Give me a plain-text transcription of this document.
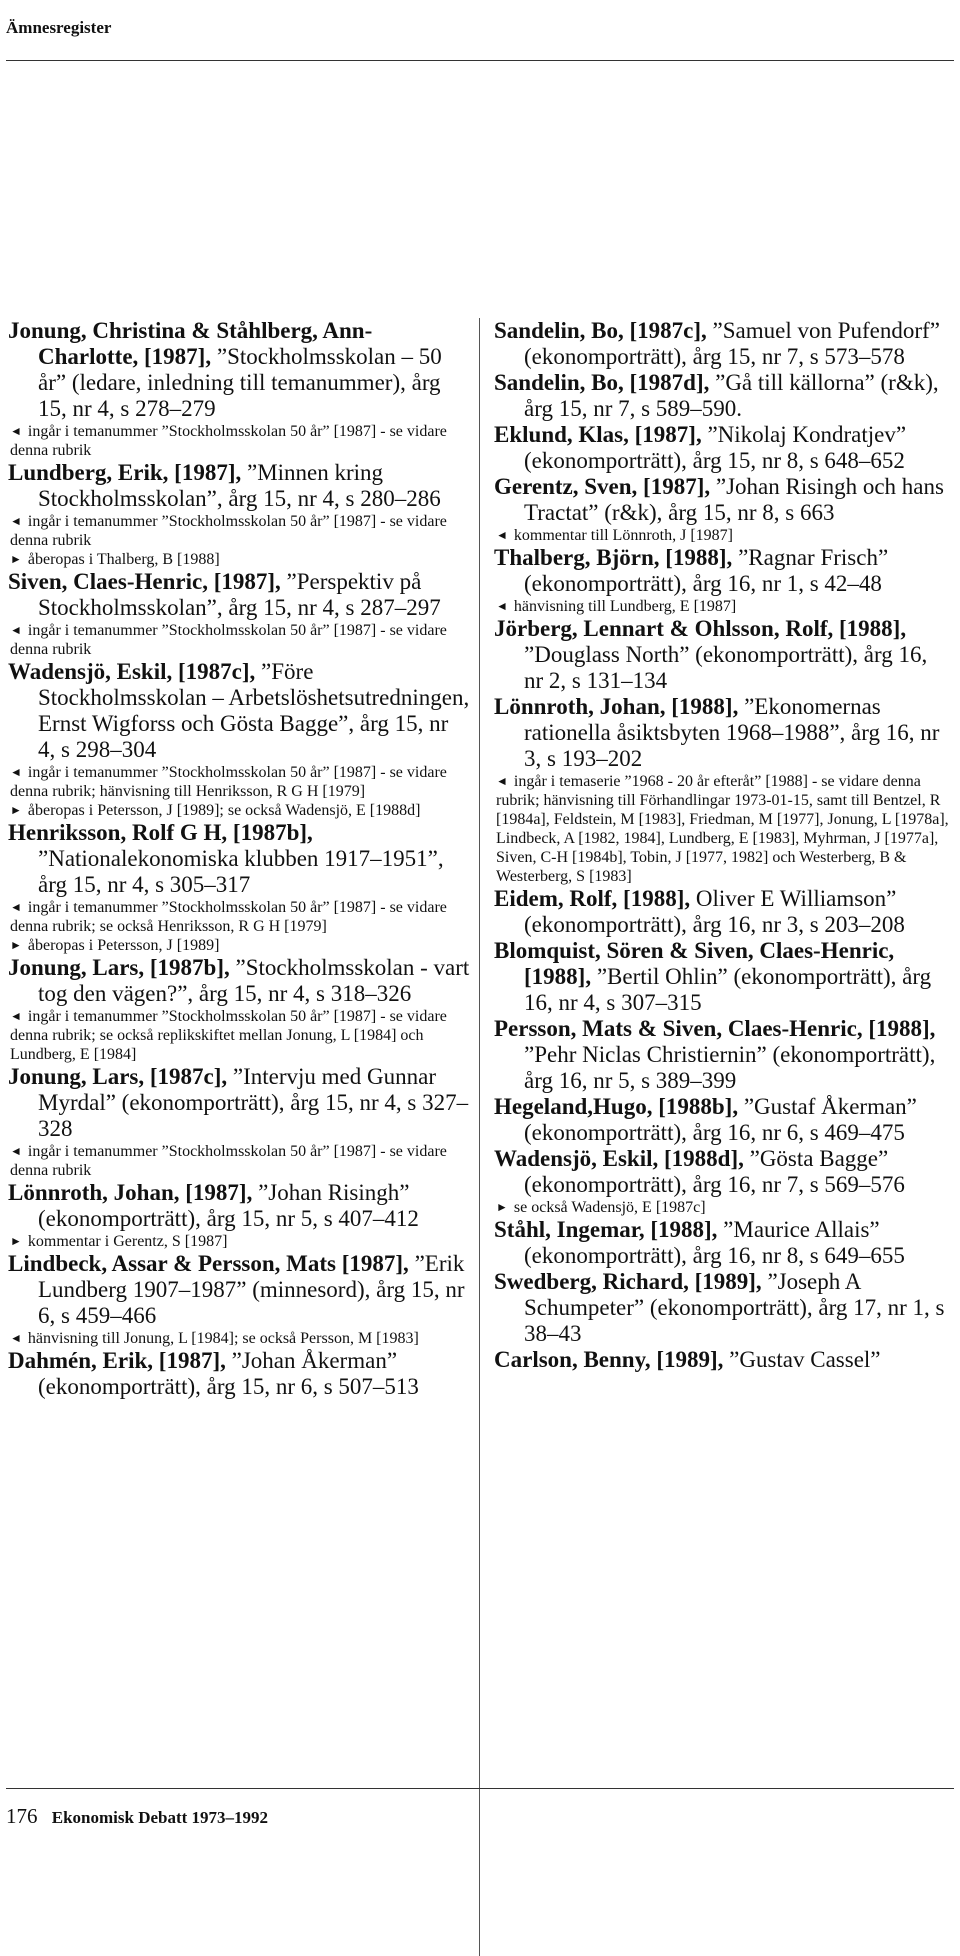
Ämnesregister
Jonung, Christina & Ståhlberg, Ann-Charlotte, [1987], ”Stockholmsskolan – 50 år” (ledare, inledning till temanummer), årg 15, nr 4, s 278–279
◄ ingår i temanummer ”Stockholmsskolan 50 år” [1987] - se vidare denna rubrik
Lundberg, Erik, [1987], ”Minnen kring Stockholmsskolan”, årg 15, nr 4, s 280–286
◄ ingår i temanummer ”Stockholmsskolan 50 år” [1987] - se vidare denna rubrik
► åberopas i Thalberg, B [1988]
Siven, Claes-Henric, [1987], ”Perspektiv på Stockholmsskolan”, årg 15, nr 4, s 287–297
◄ ingår i temanummer ”Stockholmsskolan 50 år” [1987] - se vidare denna rubrik
Wadensjö, Eskil, [1987c], ”Före Stockholmsskolan – Arbetslöshetsutredningen, Ernst Wigforss och Gösta Bagge”, årg 15, nr 4, s 298–304
◄ ingår i temanummer ”Stockholmsskolan 50 år” [1987] - se vidare denna rubrik; hänvisning till Henriksson, R G H [1979]
► åberopas i Petersson, J [1989]; se också Wadensjö, E [1988d]
Henriksson, Rolf G H, [1987b], ”Nationalekonomiska klubben 1917–1951”, årg 15, nr 4, s 305–317
◄ ingår i temanummer ”Stockholmsskolan 50 år” [1987] - se vidare denna rubrik; se också Henriksson, R G H [1979]
► åberopas i Petersson, J [1989]
Jonung, Lars, [1987b], ”Stockholmsskolan - vart tog den vägen?”, årg 15, nr 4, s 318–326
◄ ingår i temanummer ”Stockholmsskolan 50 år” [1987] - se vidare denna rubrik; se också replikskiftet mellan Jonung, L [1984] och Lundberg, E [1984]
Jonung, Lars, [1987c], ”Intervju med Gunnar Myrdal” (ekonomporträtt), årg 15, nr 4, s 327–328
◄ ingår i temanummer ”Stockholmsskolan 50 år” [1987] - se vidare denna rubrik
Lönnroth, Johan, [1987], ”Johan Risingh” (ekonomporträtt), årg 15, nr 5, s 407–412
► kommentar i Gerentz, S [1987]
Lindbeck, Assar & Persson, Mats [1987], ”Erik Lundberg 1907–1987” (minnesord), årg 15, nr 6, s 459–466
◄ hänvisning till Jonung, L [1984]; se också Persson, M [1983]
Dahmén, Erik, [1987], ”Johan Åkerman” (ekonomporträtt), årg 15, nr 6, s 507–513
Sandelin, Bo, [1987c], ”Samuel von Pufendorf” (ekonomporträtt), årg 15, nr 7, s 573–578
Sandelin, Bo, [1987d], ”Gå till källorna” (r&k), årg 15, nr 7, s 589–590.
Eklund, Klas, [1987], ”Nikolaj Kondratjev” (ekonomporträtt), årg 15, nr 8, s 648–652
Gerentz, Sven, [1987], ”Johan Risingh och hans Tractat” (r&k), årg 15, nr 8, s 663
◄ kommentar till Lönnroth, J [1987]
Thalberg, Björn, [1988], ”Ragnar Frisch” (ekonomporträtt), årg 16, nr 1, s 42–48
◄ hänvisning till Lundberg, E [1987]
Jörberg, Lennart & Ohlsson, Rolf, [1988], ”Douglass North” (ekonomporträtt), årg 16, nr 2, s 131–134
Lönnroth, Johan, [1988], ”Ekonomernas rationella åsiktsbyten 1968–1988”, årg 16, nr 3, s 193–202
◄ ingår i temaserie ”1968 - 20 år efteråt” [1988] - se vidare denna rubrik; hänvisning till Förhandlingar 1973-01-15, samt till Bentzel, R [1984a], Feldstein, M [1983], Friedman, M [1977], Jonung, L [1978a], Lindbeck, A [1982, 1984], Lundberg, E [1983], Myhrman, J [1977a], Siven, C-H [1984b], Tobin, J [1977, 1982] och Westerberg, B & Westerberg, S [1983]
Eidem, Rolf, [1988], Oliver E Williamson” (ekonomporträtt), årg 16, nr 3, s 203–208
Blomquist, Sören & Siven, Claes-Henric, [1988], ”Bertil Ohlin” (ekonomporträtt), årg 16, nr 4, s 307–315
Persson, Mats & Siven, Claes-Henric, [1988], ”Pehr Niclas Christiernin” (ekonomporträtt), årg 16, nr 5, s 389–399
Hegeland,Hugo, [1988b], ”Gustaf Åkerman” (ekonomporträtt), årg 16, nr 6, s 469–475
Wadensjö, Eskil, [1988d], ”Gösta Bagge” (ekonomporträtt), årg 16, nr 7, s 569–576
► se också Wadensjö, E [1987c]
Ståhl, Ingemar, [1988], ”Maurice Allais” (ekonomporträtt), årg 16, nr 8, s 649–655
Swedberg, Richard, [1989], ”Joseph A Schumpeter” (ekonomporträtt), årg 17, nr 1, s 38–43
Carlson, Benny, [1989], ”Gustav Cassel”
176 Ekonomisk Debatt 1973–1992
